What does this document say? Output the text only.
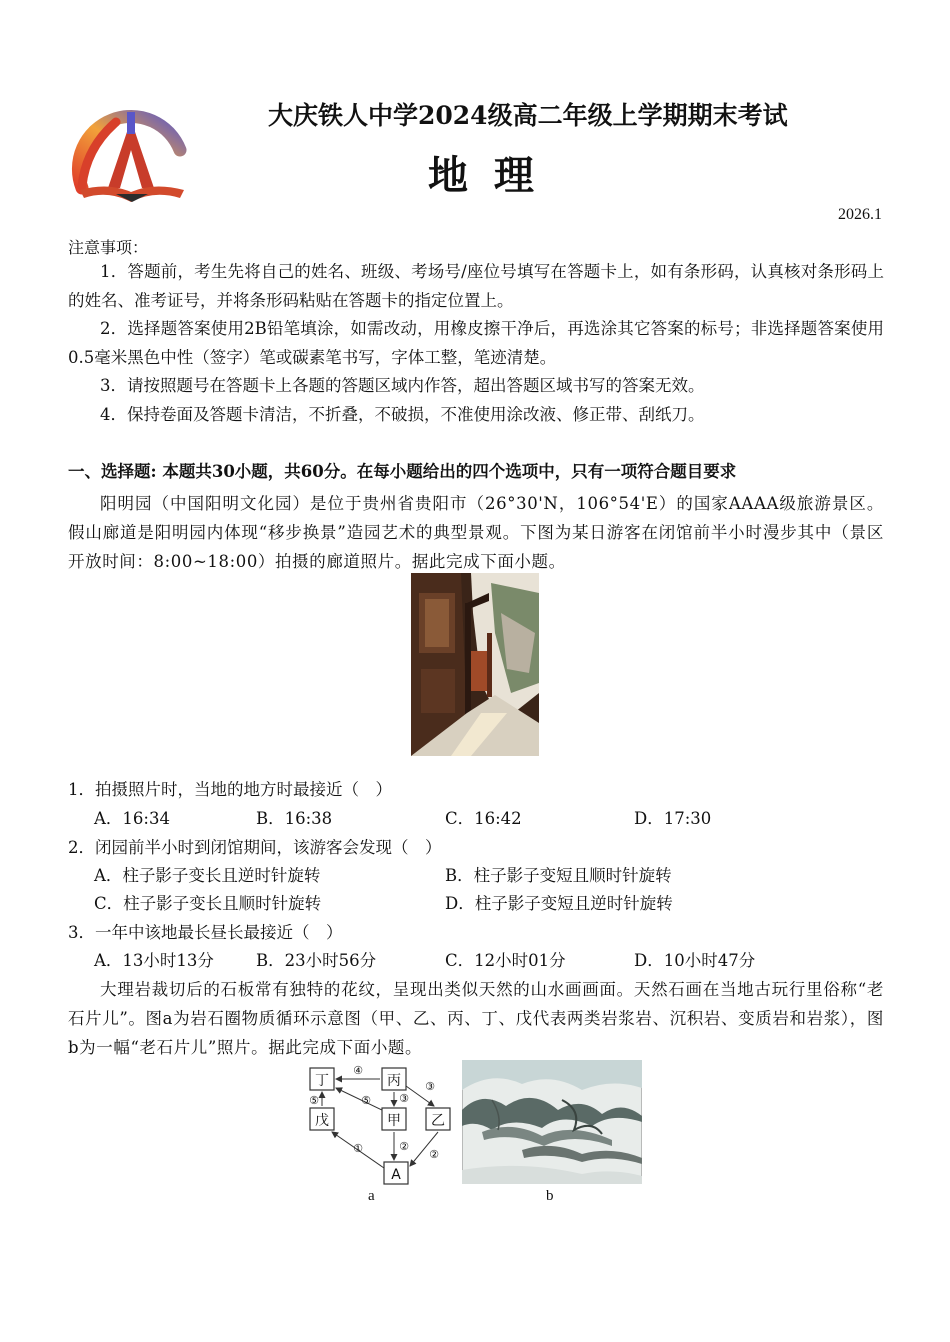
大庆铁人中学2024级高二年级上学期期末考试
地 理
2026.1
注意事项：
1．答题前，考生先将自己的姓名、班级、考场号/座位号填写在答题卡上，如有条形码，认真核对条形码上的姓名、准考证号，并将条形码粘贴在答题卡的指定位置上。
2．选择题答案使用2B铅笔填涂，如需改动，用橡皮擦干净后，再选涂其它答案的标号；非选择题答案使用0.5毫米黑色中性（签字）笔或碳素笔书写，字体工整，笔迹清楚。
3．请按照题号在答题卡上各题的答题区域内作答，超出答题区域书写的答案无效。
4．保持卷面及答题卡清洁，不折叠，不破损，不准使用涂改液、修正带、刮纸刀。
一、选择题: 本题共30小题，共60分。在每小题给出的四个选项中，只有一项符合题目要求
阳明园（中国阳明文化园）是位于贵州省贵阳市（26°30'N，106°54'E）的国家AAAA级旅游景区。假山廊道是阳明园内体现“移步换景”造园艺术的典型景观。下图为某日游客在闭馆前半小时漫步其中（景区开放时间：8:00~18:00）拍摄的廊道照片。据此完成下面小题。
1．拍摄照片时，当地的地方时最接近（　）
A．16:34	B．16:38	C．16:42	D．17:30
2．闭园前半小时到闭馆期间，该游客会发现（　）
A．柱子影子变长且逆时针旋转	B．柱子影子变短且顺时针旋转
C．柱子影子变长且顺时针旋转	D．柱子影子变短且逆时针旋转
3．一年中该地最长昼长最接近（　）
A．13小时13分	B．23小时56分	C．12小时01分	D．10小时47分
大理岩裁切后的石板常有独特的花纹，呈现出类似天然的山水画画面。天然石画在当地古玩行里俗称“老石片儿”。图a为岩石圈物质循环示意图（甲、乙、丙、丁、戊代表两类岩浆岩、沉积岩、变质岩和岩浆），图b为一幅“老石片儿”照片。据此完成下面小题。
丁	丙
戊	甲 乙
A
④
⑤	⑤	③
③
①	②
②
a	b
